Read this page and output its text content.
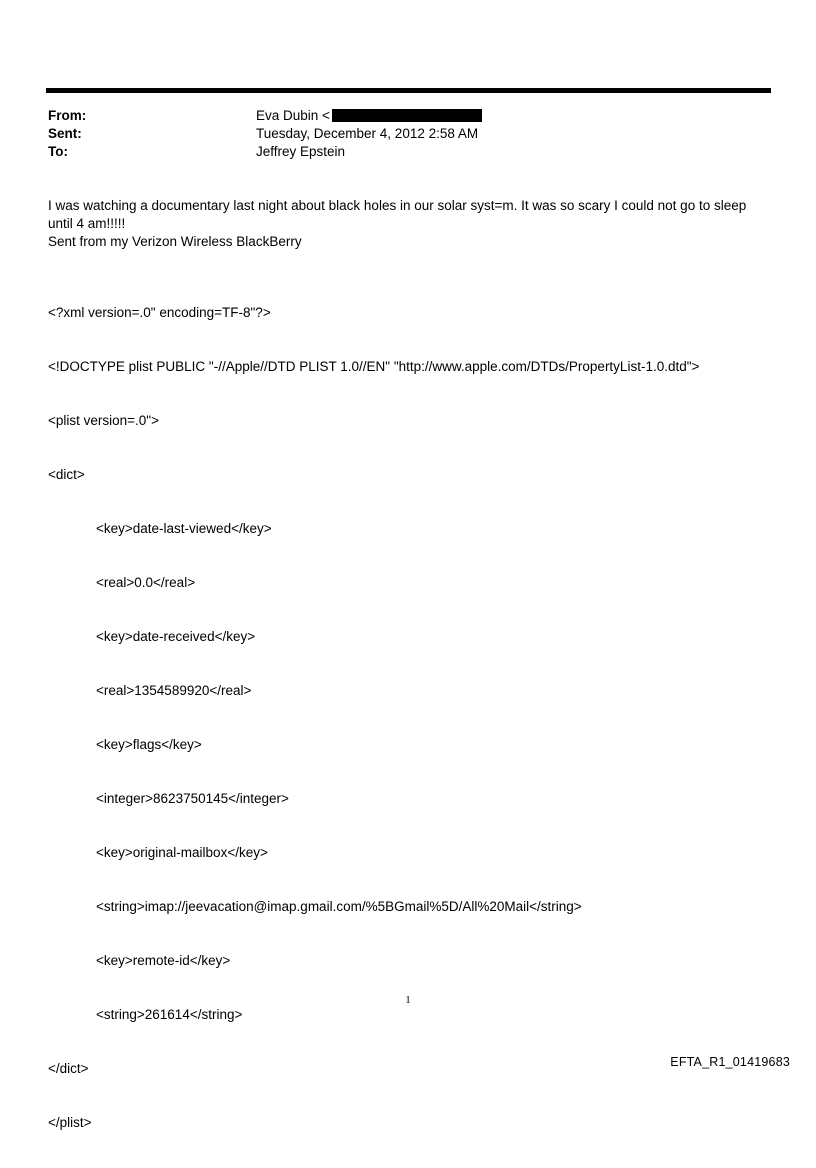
From:	Eva Dubin <
Sent:	Tuesday, December 4, 2012 2:58 AM
To:	Jeffrey Epstein

I was watching a documentary last night about black holes in our solar syst=m. It was so scary I could not go to sleep until 4 am!!!!!

Sent from my Verizon Wireless BlackBerry

<?xml version=.0" encoding=TF-8"?>

<!DOCTYPE plist PUBLIC "-//Apple//DTD PLIST 1.0//EN" "http://www.apple.com/DTDs/PropertyList-1.0.dtd">

<plist version=.0">

<dict>

<key>date-last-viewed</key>

<real>0.0</real>

<key>date-received</key>

<real>1354589920</real>

<key>flags</key>

<integer>8623750145</integer>

<key>original-mailbox</key>

<string>imap://jeevacation@imap.gmail.com/%5BGmail%5D/All%20Mail</string>

<key>remote-id</key>

<string>261614</string>

</dict>

</plist>

1
EFTA_R1_01419683
